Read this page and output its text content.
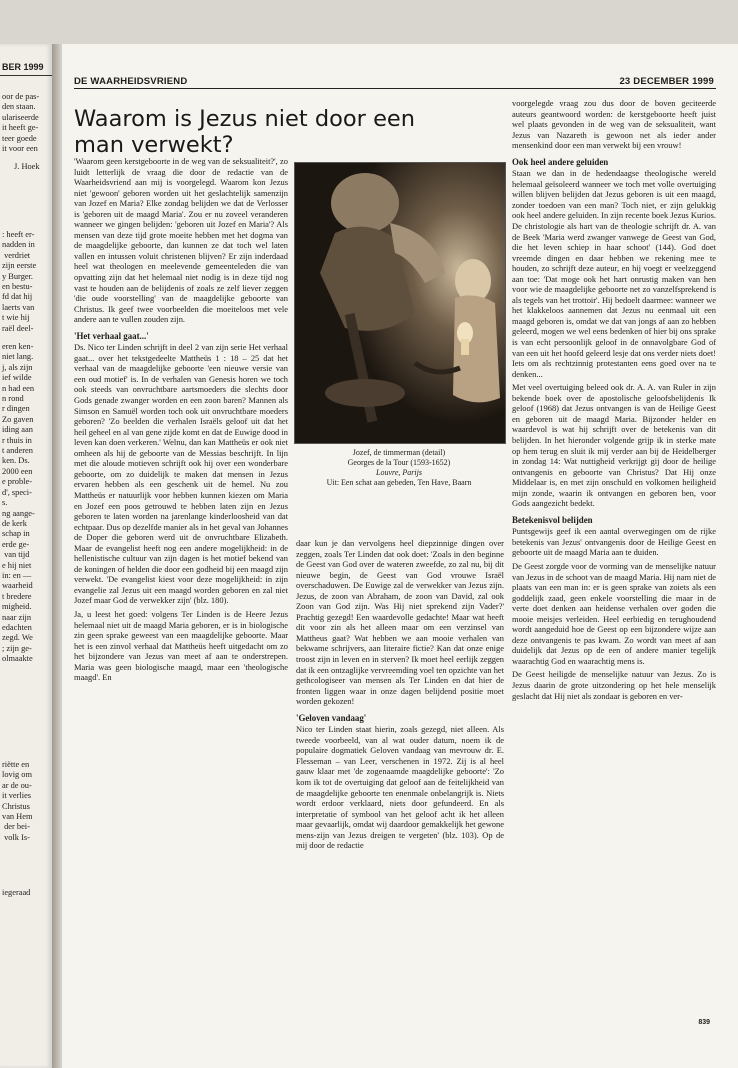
BER 1999
oor de pas-
den staan.
ulariseerde
it heeft ge-
teer goede
it voor een
J. Hoek
: heeft er-
nadden in
verdriet
zijn eerste
y Burger.
en bestu-
fd dat hij
laerts van
t wie hij
raël deel-
eren ken-
niet lang.
j, als zijn
ief wilde
n had een
n rond
r dingen
Zo gaven
iding aan
r thuis in
t anderen
ken. Ds.
2000 een
e proble-
d', speci-
s.
ng aange-
de kerk
schap in
erde ge-
van tijd
e hij niet
in: en —
waarheid
t bredere
migheid.
naar zijn
edachten
zegd. We
; zijn ge-
olmaakte
riëtte en
lovig om
ar de ou-
it verlies
Christus
van Hem
der bei-
volk Is-
iegeraad
DE WAARHEIDSVRIEND	23 DECEMBER 1999
Waarom is Jezus niet door een man verwekt?

'Waarom geen kerstgeboorte in de weg van de seksualiteit?', zo luidt letterlijk de vraag die door de redactie van de Waarheidsvriend aan mij is voorgelegd. Waarom kon Jezus niet 'gewoon' geboren worden uit het geslachtelijk samenzijn van Jozef en Maria? Elke zondag belijden we dat de Verlosser is 'geboren uit de maagd Maria'. Zou er nu zoveel veranderen wanneer we gingen belijden: 'geboren uit Jozef en Maria'? Als mensen van deze tijd grote moeite hebben met het dogma van de maagdelijke geboorte, dan kunnen ze dat toch wel laten vallen en intussen voluit christenen blijven? Er zijn inderdaad heel wat theologen en meelevende gemeenteleden die van opvatting zijn dat het helemaal niet nodig is in deze tijd nog vast te houden aan de belijdenis of zoals ze zelf liever zeggen 'die oude voorstelling' van de maagdelijke geboorte van Christus. Ik geef twee voorbeelden die moeiteloos met vele andere aan te vullen zouden zijn.

'Het verhaal gaat...'

Ds. Nico ter Linden schrijft in deel 2 van zijn serie Het verhaal gaat... over het tekstgedeelte Mattheüs 1 : 18 – 25 dat het verhaal van de maagdelijke geboorte 'een nieuwe versie van een oud motief' is. In de verhalen van Genesis horen we toch ook steeds van onvruchtbare aartsmoeders die slechts door Gods genade zwanger worden en een zoon baren? Mannen als Simson en Samuël worden toch ook uit onvruchtbare moeders geboren? 'Zo beelden die verhalen Israëls geloof uit dat het heil geheel en al van gene zijde komt en dat de Euwige dood in leven kan doen verkeren.' Welnu, dan kan Mattheüs er ook niet omheen als hij de geboorte van de Messias beschrijft. In lijn met die aloude motieven schrijft ook hij over een wonderbare geboorte, om zo duidelijk te maken dat mensen in Jezus ervaren hebben als een geschenk uit de hemel. Nu zou Mattheüs er natuurlijk voor hebben kunnen kiezen om Maria en Jozef een poos getrouwd te hebben laten zijn en Jezus geboren te laten worden na jarenlange kinderloosheid van dat echtpaar. Dus op dezelfde manier als in het geval van Johannes de Doper die geboren werd uit de onvruchtbare Elizabeth. Maar de evangelist heeft nog een andere mogelijkheid: in de hellenistische cultuur van zijn dagen is het motief bekend van de koningen of helden die door een godheid bij een maagd zijn verwekt. 'De evangelist kiest voor deze mogelijkheid: in zijn evangelie zal Jezus uit een maagd worden geboren en zal niet Jozef maar God de verwekker zijn' (blz. 180).

Ja, u leest het goed: volgens Ter Linden is de Heere Jezus helemaal niet uit de maagd Maria geboren, er is in biologische zin geen sprake geweest van een maagdelijke geboorte. Maar het is een zinvol verhaal dat Mattheüs heeft uitgedacht om zo het bijzondere van Jezus van meet af aan te onderstrepen. Maria was geen biologische maagd, maar een 'theologische maagd'. En

Jozef, de timmerman (detail)
Georges de la Tour (1593-1652)
Louvre, Parijs
Uit: Een schat aan gebeden, Ten Have, Baarn

daar kun je dan vervolgens heel diepzinnige dingen over zeggen, zoals Ter Linden dat ook doet: 'Zoals in den beginne de Geest van God over de wateren zweefde, zo zal nu, bij dit nieuwe begin, de Geest van God vrouwe Israël overschaduwen. De Euwige zal de verwekker van Jezus zijn. Jezus, de zoon van Abraham, de zoon van David, zal ook Zoon van God zijn. Was Hij niet sprekend zijn Vader?' Prachtig gezegd! Een waardevolle gedachte! Maar wat heeft dit voor zin als het alleen maar om een verzinsel van Mattheus gaat? Wat hebben we aan mooie verhalen van bekwame schrijvers, aan literaire fictie? Kan dat onze enige troost zijn in leven en in sterven? Ik moet heel eerlijk zeggen dat ik een ontzaglijke vervreemding voel ten opzichte van het gethcologiseer van mensen als Ter Linden en dat hier de fronten liggen waar in onze dagen belijdend positie moet worden gekozen!

'Geloven vandaag'

Nico ter Linden staat hierin, zoals gezegd, niet alleen. Als tweede voorbeeld, van al wat ouder datum, noem ik de populaire dogmatiek Geloven vandaag van mevrouw dr. E. Flesseman – van Leer, verschenen in 1972. Zij is al heel gauw klaar met 'de zogenaamde maagdelijke geboorte': 'Zo kom ik tot de overtuiging dat geloof aan de feitelijkheid van de maagdelijke geboorte ten enenmale onbelangrijk is. Niets wordt erdoor verklaard, niets door gefundeerd. En als interpretatie of symbool van het geloof acht ik het alleen maar gevaarlijk, omdat wij daardoor gemakkelijk het gewone mens-zijn van Jezus dreigen te vergeten' (blz. 103). Op de mij door de redactie

voorgelegde vraag zou dus door de boven geciteerde auteurs geantwoord worden: de kerstgeboorte heeft juist wel plaats gevonden in de weg van de seksualiteit, want Jezus van Nazareth is gewoon net als ieder ander mensenkind door een man verwekt bij een vrouw!

Ook heel andere geluiden

Staan we dan in de hedendaagse theologische wereld helemaal geïsoleerd wanneer we toch met volle overtuiging willen blijven belijden dat Jezus geboren is uit een maagd, zonder toedoen van een man? Toch niet, er zijn gelukkig ook heel andere geluiden. In zijn recente boek Jezus Kurios. De christologie als hart van de theologie schrijft dr. A. van de Beek 'Maria werd zwanger vanwege de Geest van God, die het leven schiep in haar schoot' (144). God doet vreemde dingen en daar hebben we rekening mee te houden, zo schrijft deze auteur, en hij voegt er veelzeggend aan toe: 'Dat moge ook het hart onrustig maken van hen voor wie de maagdelijke geboorte net zo vanzelfsprekend is als tegels van het trottoir'. Hij bedoelt daarmee: wanneer we het klakkeloos aannemen dat Jezus nu eenmaal uit een maagd geboren is, omdat we dat van jongs af aan zo hebben geleerd, mogen we wel eens bedenken of hier bij ons sprake is van echt persoonlijk geloof in de onnavolgbare God of van een uit het hoofd geleerd lesje dat ons verder niets doet! Iets om als rechtzinnig protestanten eens goed over na te denken...

Met veel overtuiging beleed ook dr. A. A. van Ruler in zijn bekende boek over de apostolische geloofsbelijdenis Ik geloof (1968) dat Jezus ontvangen is van de Heilige Geest en geboren uit de maagd Maria. Bijzonder helder en waardevol is wat hij schrijft over de betekenis van dit belijden. In het hieronder volgende grijp ik in sterke mate op hem terug en sluit ik mij verder aan bij de Heidelberger in zondag 14: Wat nuttigheid verkrijgt gij door de heilige ontvangenis en geboorte van Christus? Dat Hij onze Middelaar is, en met zijn onschuld en volkomen heiligheid mijn zonde, waarin ik ontvangen en geboren ben, voor Gods aangezicht bedekt.

Betekenisvol belijden

Puntsgewijs geef ik een aantal overwegingen om de rijke betekenis van Jezus' ontvangenis door de Heilige Geest en geboorte uit de maagd Maria aan te duiden.

De Geest zorgde voor de vorming van de menselijke natuur van Jezus in de schoot van de maagd Maria. Hij nam niet de plaats van een man in: er is geen sprake van zoiets als een goddelijk zaad, geen enkele voorstelling die maar in de verte doet denken aan heidense verhalen over goden die mooie meisjes verleiden. Heel eerbiedig en terughoudend wordt aangeduid hoe de Geest op een bijzondere wijze aan deze ontvangenis te pas kwam. Zo wordt van meet af aan duidelijk dat Jezus op de een of andere manier tegelijk waarachtig God en waarachtig mens is.

De Geest heiligde de menselijke natuur van Jezus. Zo is Jezus daarin de grote uitzondering op het hele menselijk geslacht dat Hij niet als zondaar is geboren en ver-

839
